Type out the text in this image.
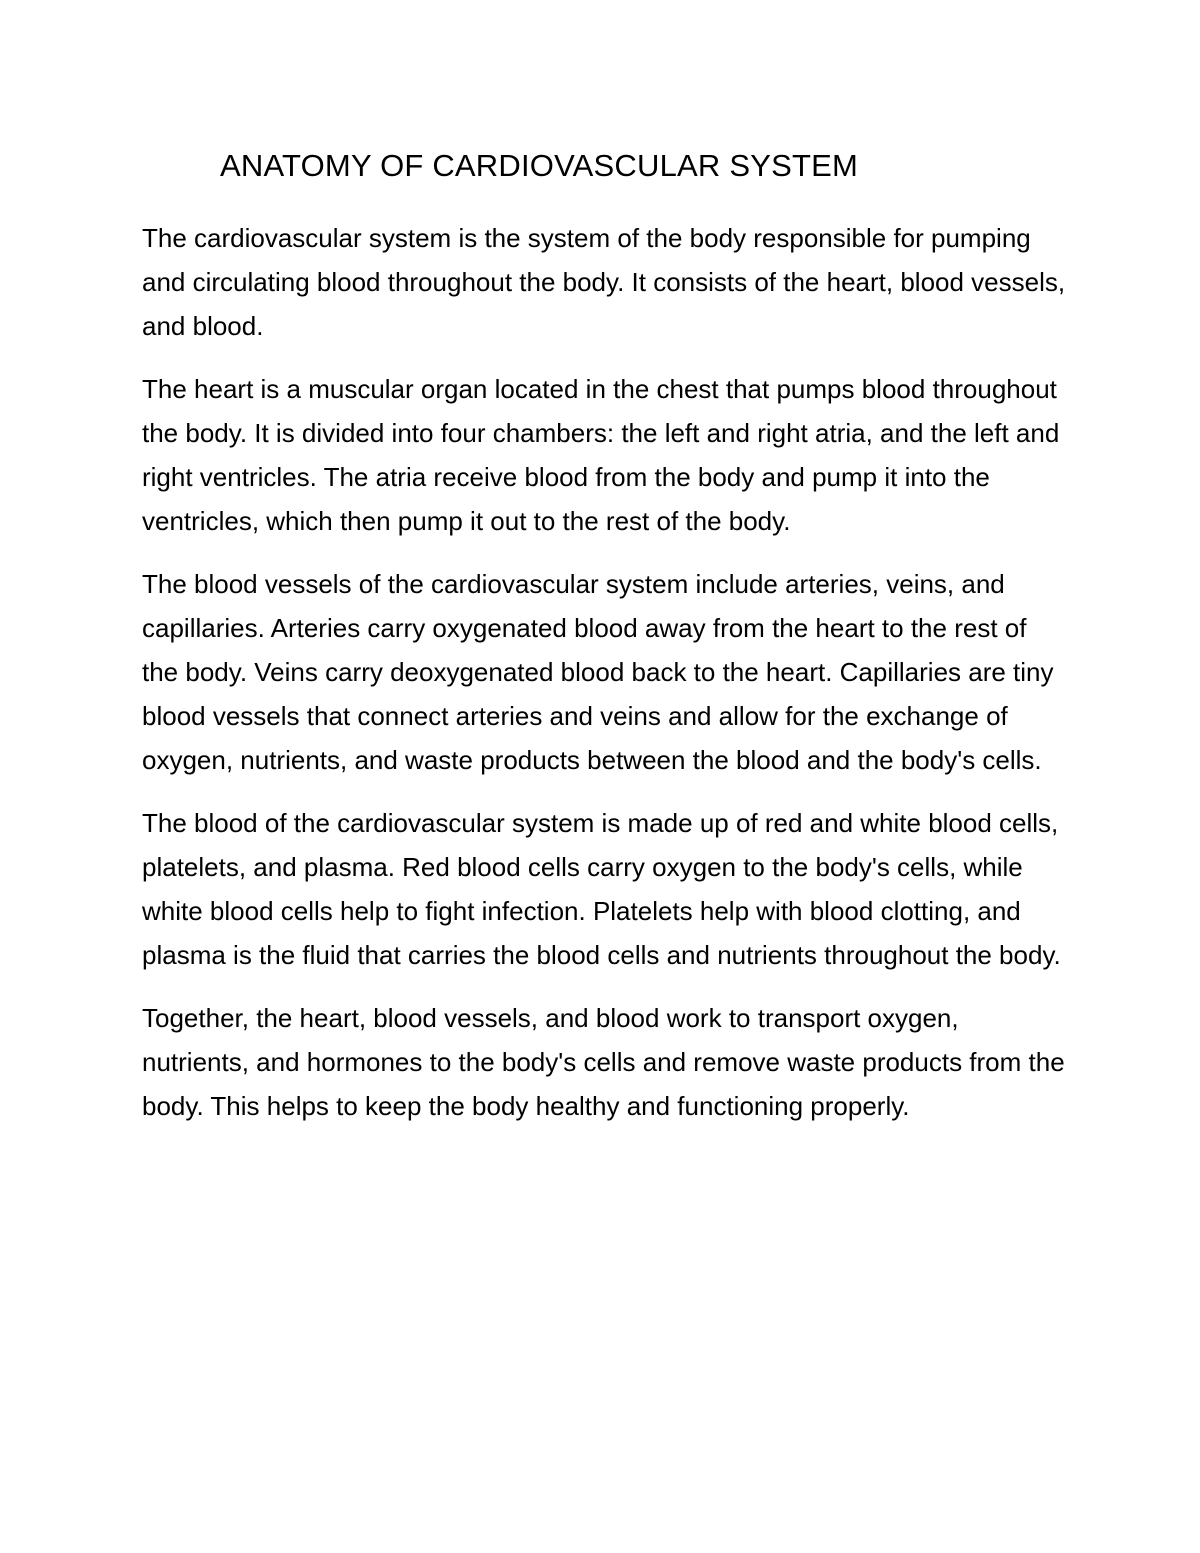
ANATOMY OF CARDIOVASCULAR SYSTEM

The cardiovascular system is the system of the body responsible for pumping and circulating blood throughout the body. It consists of the heart, blood vessels, and blood.

The heart is a muscular organ located in the chest that pumps blood throughout the body. It is divided into four chambers: the left and right atria, and the left and right ventricles. The atria receive blood from the body and pump it into the ventricles, which then pump it out to the rest of the body.

The blood vessels of the cardiovascular system include arteries, veins, and capillaries. Arteries carry oxygenated blood away from the heart to the rest of the body. Veins carry deoxygenated blood back to the heart. Capillaries are tiny blood vessels that connect arteries and veins and allow for the exchange of oxygen, nutrients, and waste products between the blood and the body's cells.

The blood of the cardiovascular system is made up of red and white blood cells, platelets, and plasma. Red blood cells carry oxygen to the body's cells, while white blood cells help to fight infection. Platelets help with blood clotting, and plasma is the fluid that carries the blood cells and nutrients throughout the body.

Together, the heart, blood vessels, and blood work to transport oxygen, nutrients, and hormones to the body's cells and remove waste products from the body. This helps to keep the body healthy and functioning properly.
